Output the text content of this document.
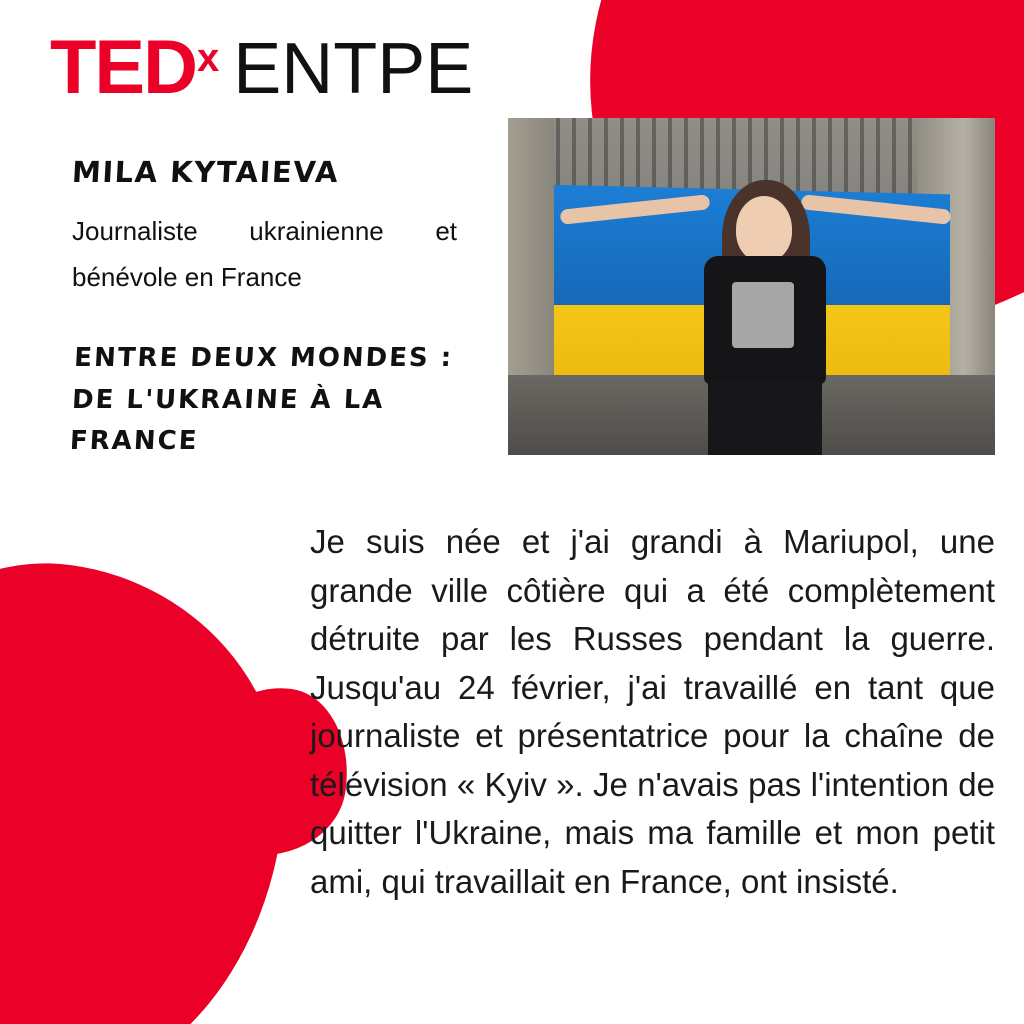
TED x ENTPE
MILA KYTAIEVA
Journaliste ukrainienne et bénévole en France
ENTRE DEUX MONDES : DE L'UKRAINE À LA FRANCE
Je suis née et j'ai grandi à Mariupol, une grande ville côtière qui a été complètement détruite par les Russes pendant la guerre. Jusqu'au 24 février, j'ai travaillé en tant que journaliste et présentatrice pour la chaîne de télévision « Kyiv ». Je n'avais pas l'intention de quitter l'Ukraine, mais ma famille et mon petit ami, qui travaillait en France, ont insisté.
